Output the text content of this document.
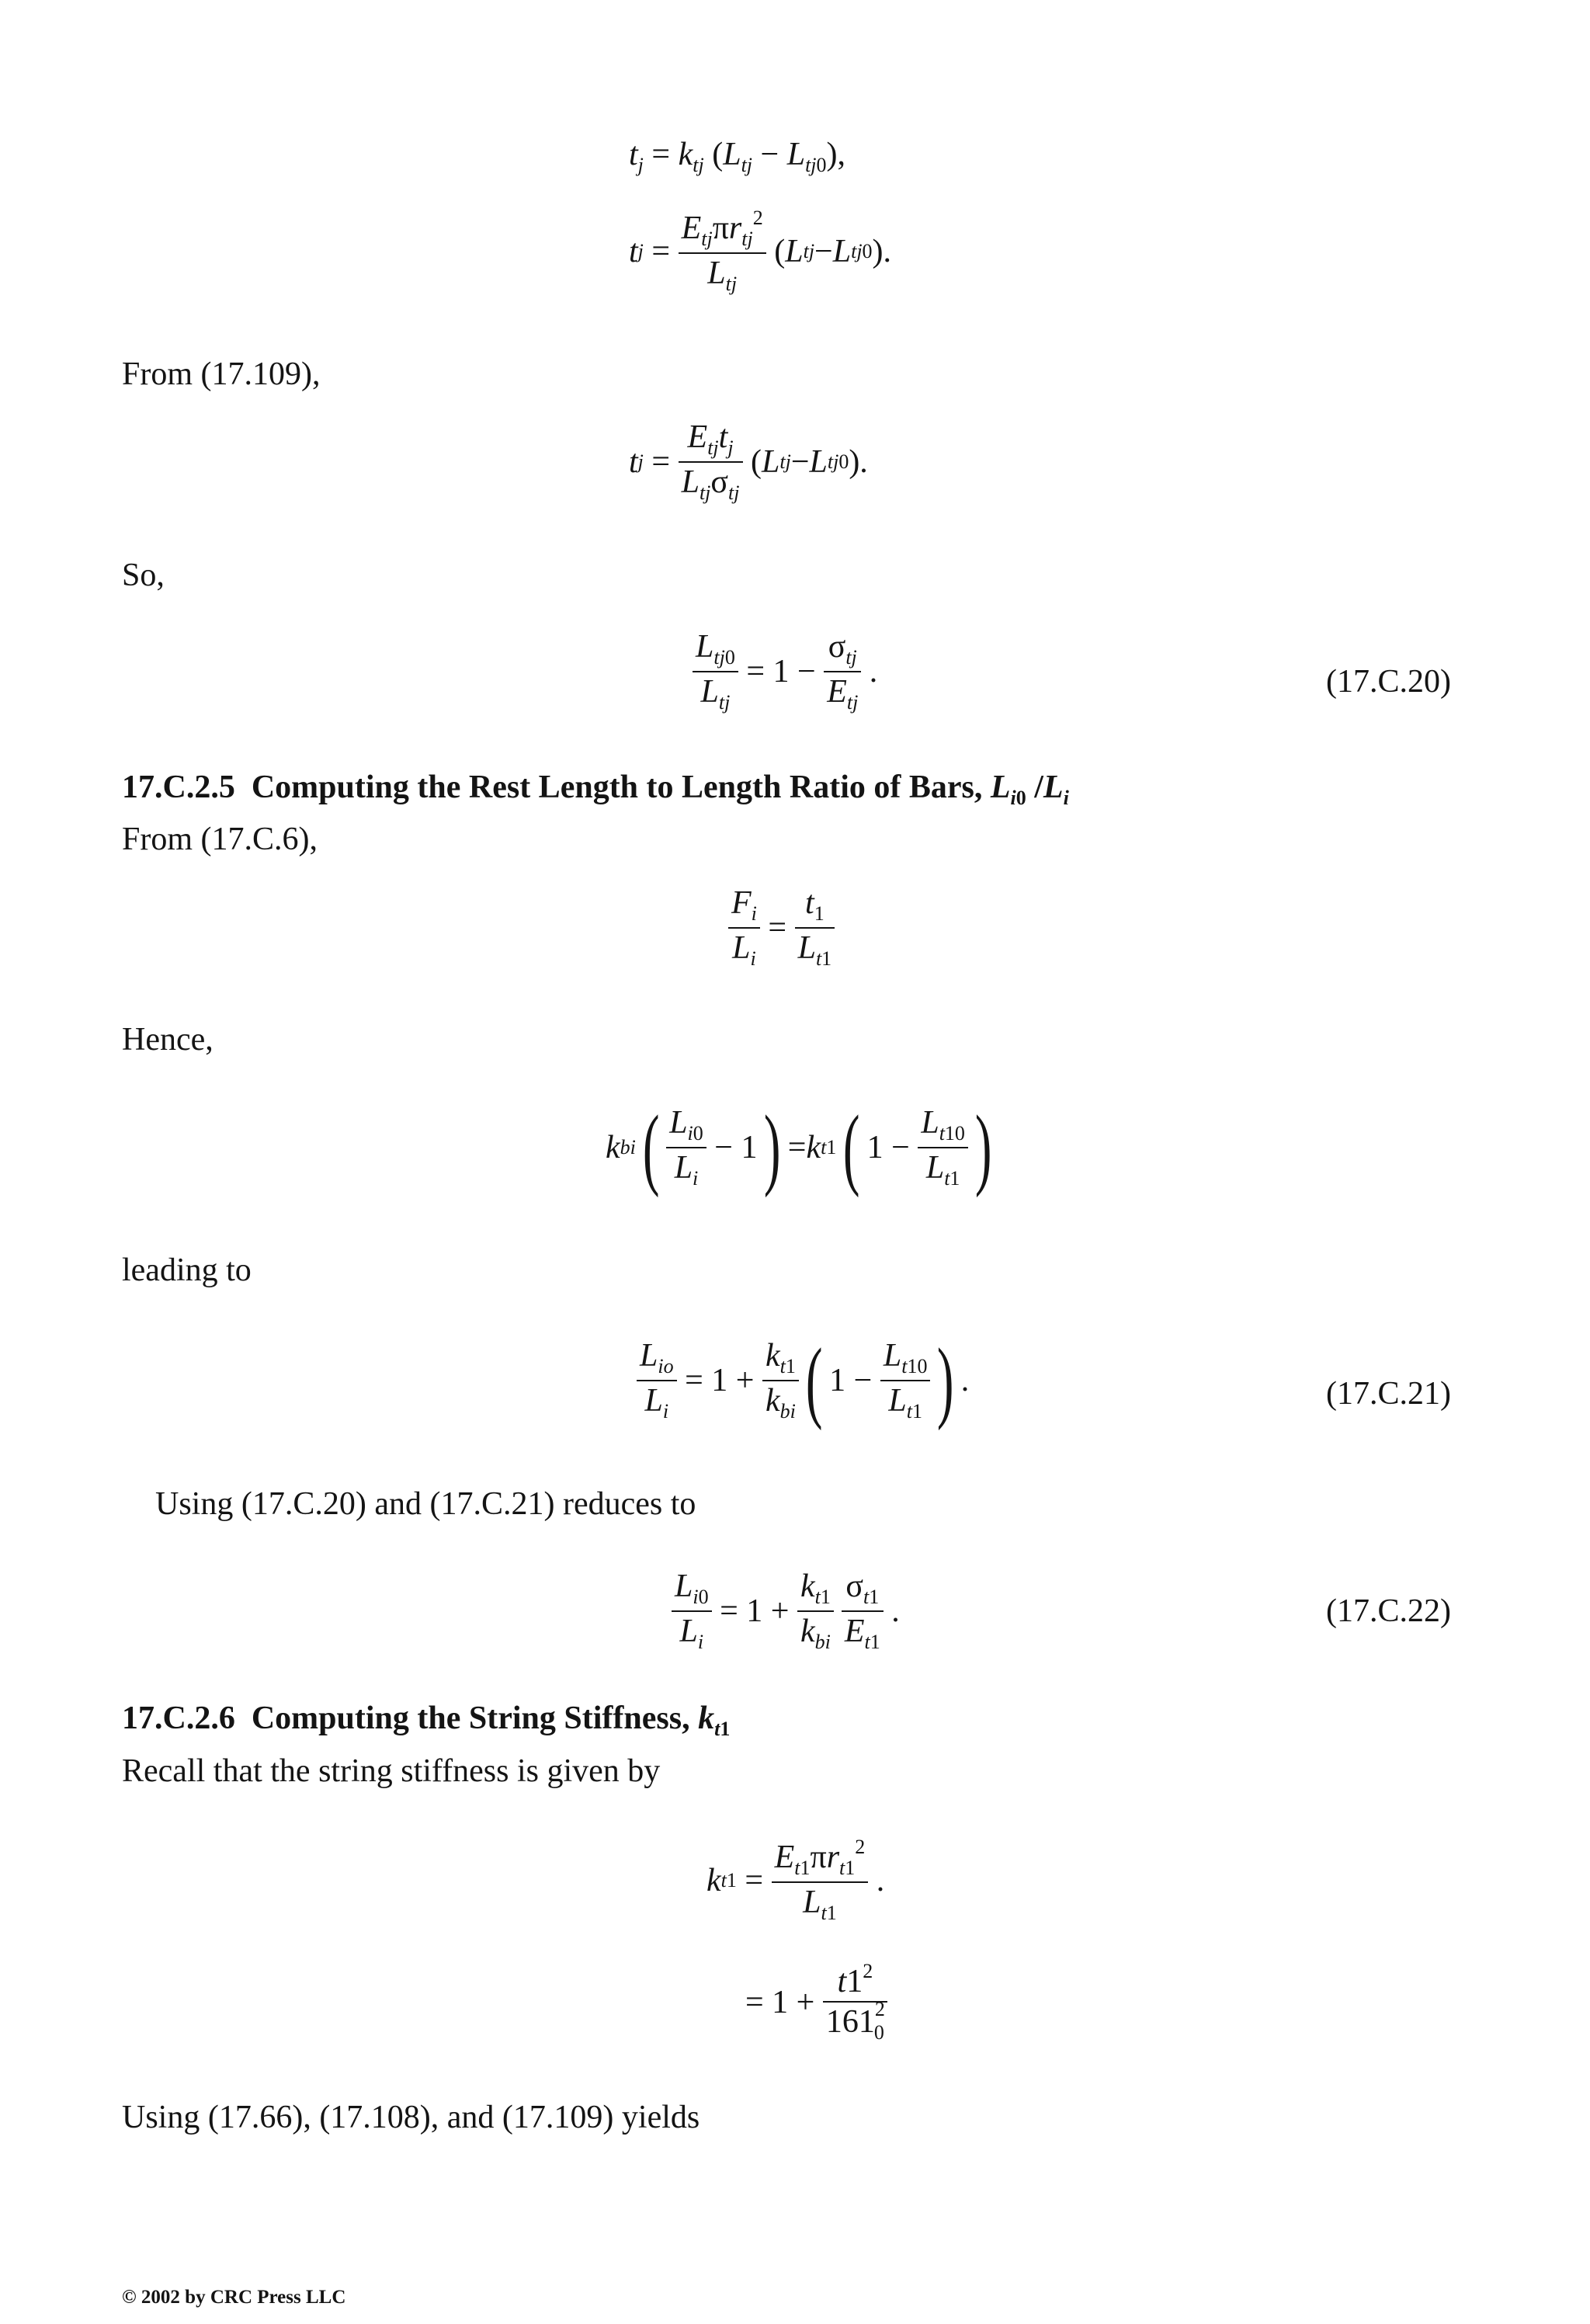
$t_j = k_{tj}$ $(L_{tj} - L_{tj0})$,
t $j = \frac{E_{tj}\pi r_{tj}^2}{L_{tj}}$ ( L tj − L tj 0 ).
From (17.109),
t $j = \frac{E_{tj}t_j}{L_{tj}\sigma_{tj}}$ ( L tj − L tj 0 ).
So,
$\frac{L_{tj0}}{L_{tj}} = 1 - \frac{\sigma_{tj}}{E_{tj}}$ .	(17.C.20)
17.C.2.5 Computing the Rest Length to Length Ratio of Bars, $L_{i0}$ $/L_i$
From (17.C.6),
$\frac{F_i}{L_i} = \frac{t_1}{L_{t1}}$
Hence,
k bi ( $\frac{L_{i0}}{L_i} - 1$ ) = k t 1 ( $1 - \frac{L_{t10}}{L_{t1}}$ )
leading to
$\frac{L_{io}}{L_i} = 1 + \frac{k_{t1}}{k_{bi}}$ ( $1 - \frac{L_{t10}}{L_{t1}}$ ) .	(17.C.21)
Using (17.C.20) and (17.C.21) reduces to
$\frac{L_{i0}}{L_i} = 1 + \frac{k_{t1}}{k_{bi}} \frac{\sigma_{t1}}{E_{t1}}$ .	(17.C.22)
17.C.2.6 Computing the String Stiffness, $k_{t1}$
Recall that the string stiffness is given by
k t $1 = \frac{E_{t1}\pi r_{t1}^2}{L_{t1}}$ .
= $1 + \frac{t1^2}{161_{20}}$
Using (17.66), (17.108), and (17.109) yields
© 2002 by CRC Press LLC
